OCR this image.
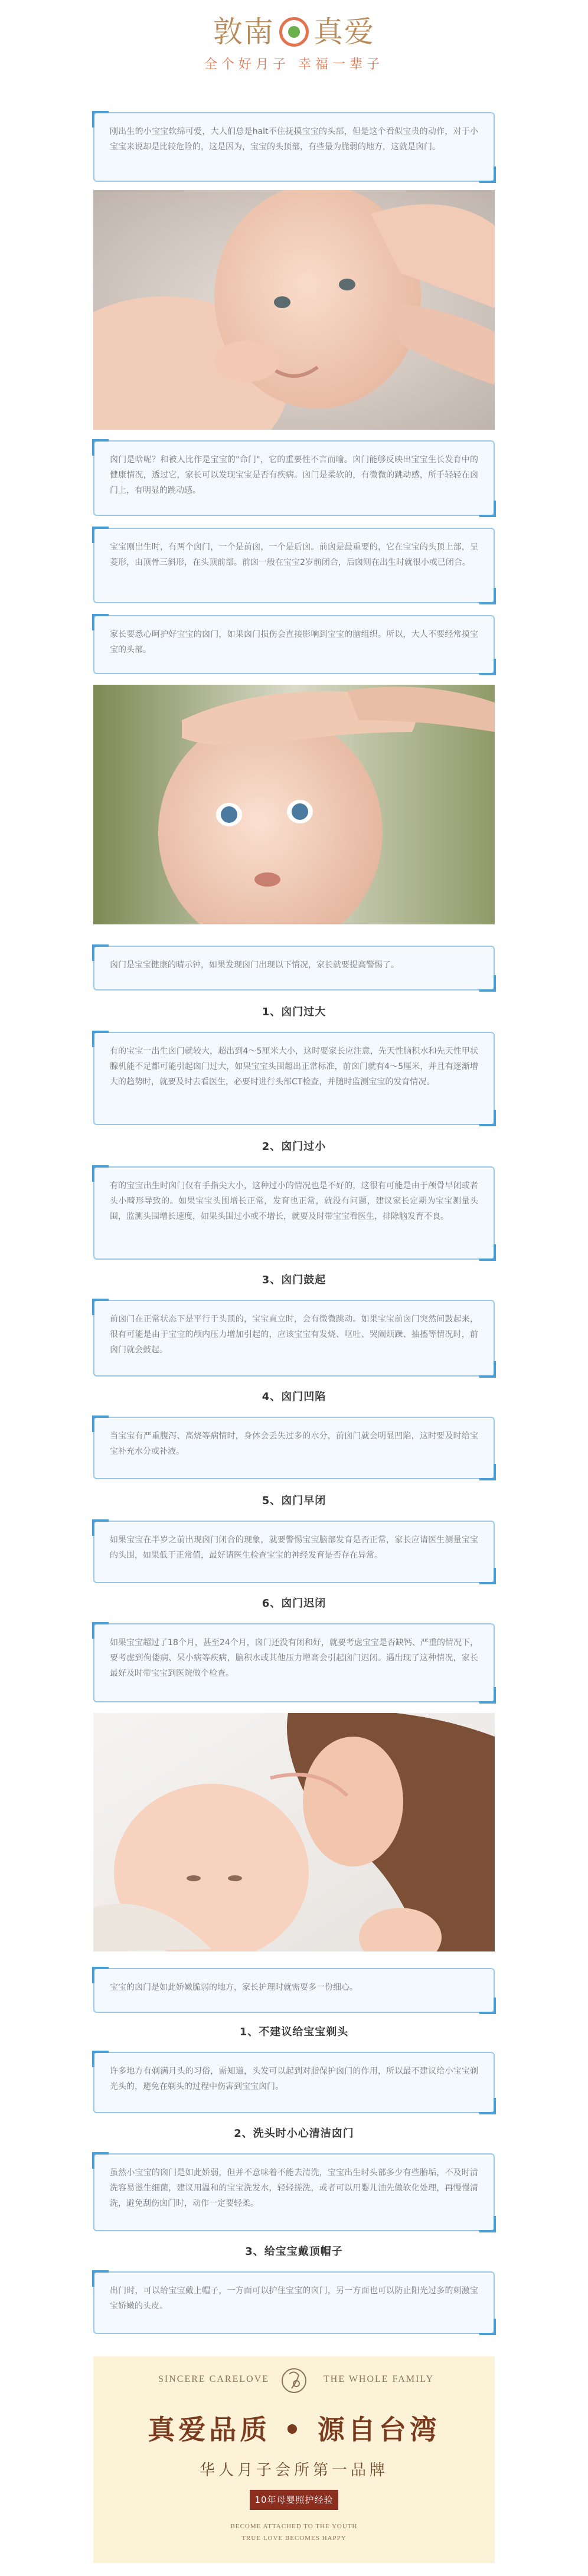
敦南 真爱
全个好月子 幸福一辈子

刚出生的小宝宝软绵可爱，大人们总是halt不住抚摸宝宝的头部，但是这个看似宝贵的动作，对于小宝宝来说却是比较危险的，这是因为，宝宝的头顶部，有些最为脆弱的地方，这就是囟门。

囟门是啥呢？和被人比作是宝宝的"命门"，它的重要性不言而喻。囟门能够反映出宝宝生长发育中的健康情况，透过它，家长可以发现宝宝是否有疾病。囟门是柔软的，有微微的跳动感，所手轻轻在囟门上，有明显的跳动感。

宝宝刚出生时，有两个囟门，一个是前囟，一个是后囟。前囟是最重要的，它在宝宝的头顶上部，呈菱形，由顶骨三斜形，在头顶前部。前囟一般在宝宝2岁前闭合，后囟则在出生时就很小或已闭合。

家长要悉心呵护好宝宝的囟门，如果囟门损伤会直接影响到宝宝的脑组织。所以，大人不要经常摸宝宝的头部。

囟门是宝宝健康的晴示钟，如果发现囟门出现以下情况，家长就要提高警惕了。

1、囟门过大

有的宝宝一出生囟门就较大，超出到4～5厘米大小，这时要家长应注意，先天性脑积水和先天性甲状腺机能不足都可能引起囟门过大，如果宝宝头围超出正常标准，前囟门就有4～5厘米，并且有逐渐增大的趋势时，就要及时去看医生，必要时进行头部CT检查，并随时监测宝宝的发育情况。

2、囟门过小

有的宝宝出生时囟门仅有手指尖大小，这种过小的情况也是不好的，这很有可能是由于颅骨早闭或者头小畸形导致的。如果宝宝头围增长正常，发育也正常，就没有问题，建议家长定期为宝宝测量头围，监测头围增长速度，如果头围过小或不增长，就要及时带宝宝看医生，排除脑发育不良。

3、囟门鼓起

前囟门在正常状态下是平行于头顶的，宝宝直立时，会有微微跳动。如果宝宝前囟门突然间鼓起来，很有可能是由于宝宝的颅内压力增加引起的，应该宝宝有发烧、呕吐、哭闹烦躁、抽搐等情况时，前囟门就会鼓起。

4、囟门凹陷

当宝宝有严重腹泻、高烧等病情时，身体会丢失过多的水分，前囟门就会明显凹陷，这时要及时给宝宝补充水分或补液。

5、囟门早闭

如果宝宝在半岁之前出现囟门闭合的现象，就要警惕宝宝脑部发育是否正常，家长应请医生测量宝宝的头围，如果低于正常值，最好请医生检查宝宝的神经发育是否存在异常。

6、囟门迟闭

如果宝宝超过了18个月，甚至24个月，囟门还没有闭和好，就要考虑宝宝是否缺钙、严重的情况下，要考虑到佝偻病、呆小病等疾病，脑积水或其他压力增高会引起囟门迟闭。遇出现了这种情况，家长最好及时带宝宝到医院做个检查。

宝宝的囟门是如此娇嫩脆弱的地方，家长护理时就需要多一份细心。

1、不建议给宝宝剃头

许多地方有剃满月头的习俗，需知道，头发可以起到对脂保护囟门的作用，所以最不建议给小宝宝剃光头的，避免在剃头的过程中伤害到宝宝囟门。

2、洗头时小心清洁囟门

虽然小宝宝的囟门是如此娇弱，但并不意味着不能去清洗，宝宝出生时头部多少有些胎垢，不及时清洗容易滋生细菌，建议用温和的宝宝洗发水，轻轻搓洗，或者可以用婴儿油先做软化处理，再慢慢清洗，避免刮伤囟门时，动作一定要轻柔。

3、给宝宝戴顶帽子

出门时，可以给宝宝戴上帽子，一方面可以护住宝宝的囟门，另一方面也可以防止阳光过多的刺激宝宝娇嫩的头皮。

SINCERE CARELOVE	THE WHOLE FAMILY
真爱品质 • 源自台湾
华人月子会所第一品牌
10年母婴照护经验
BECOME ATTACHED TO THE YOUTH
TRUE LOVE BECOMES HAPPY
